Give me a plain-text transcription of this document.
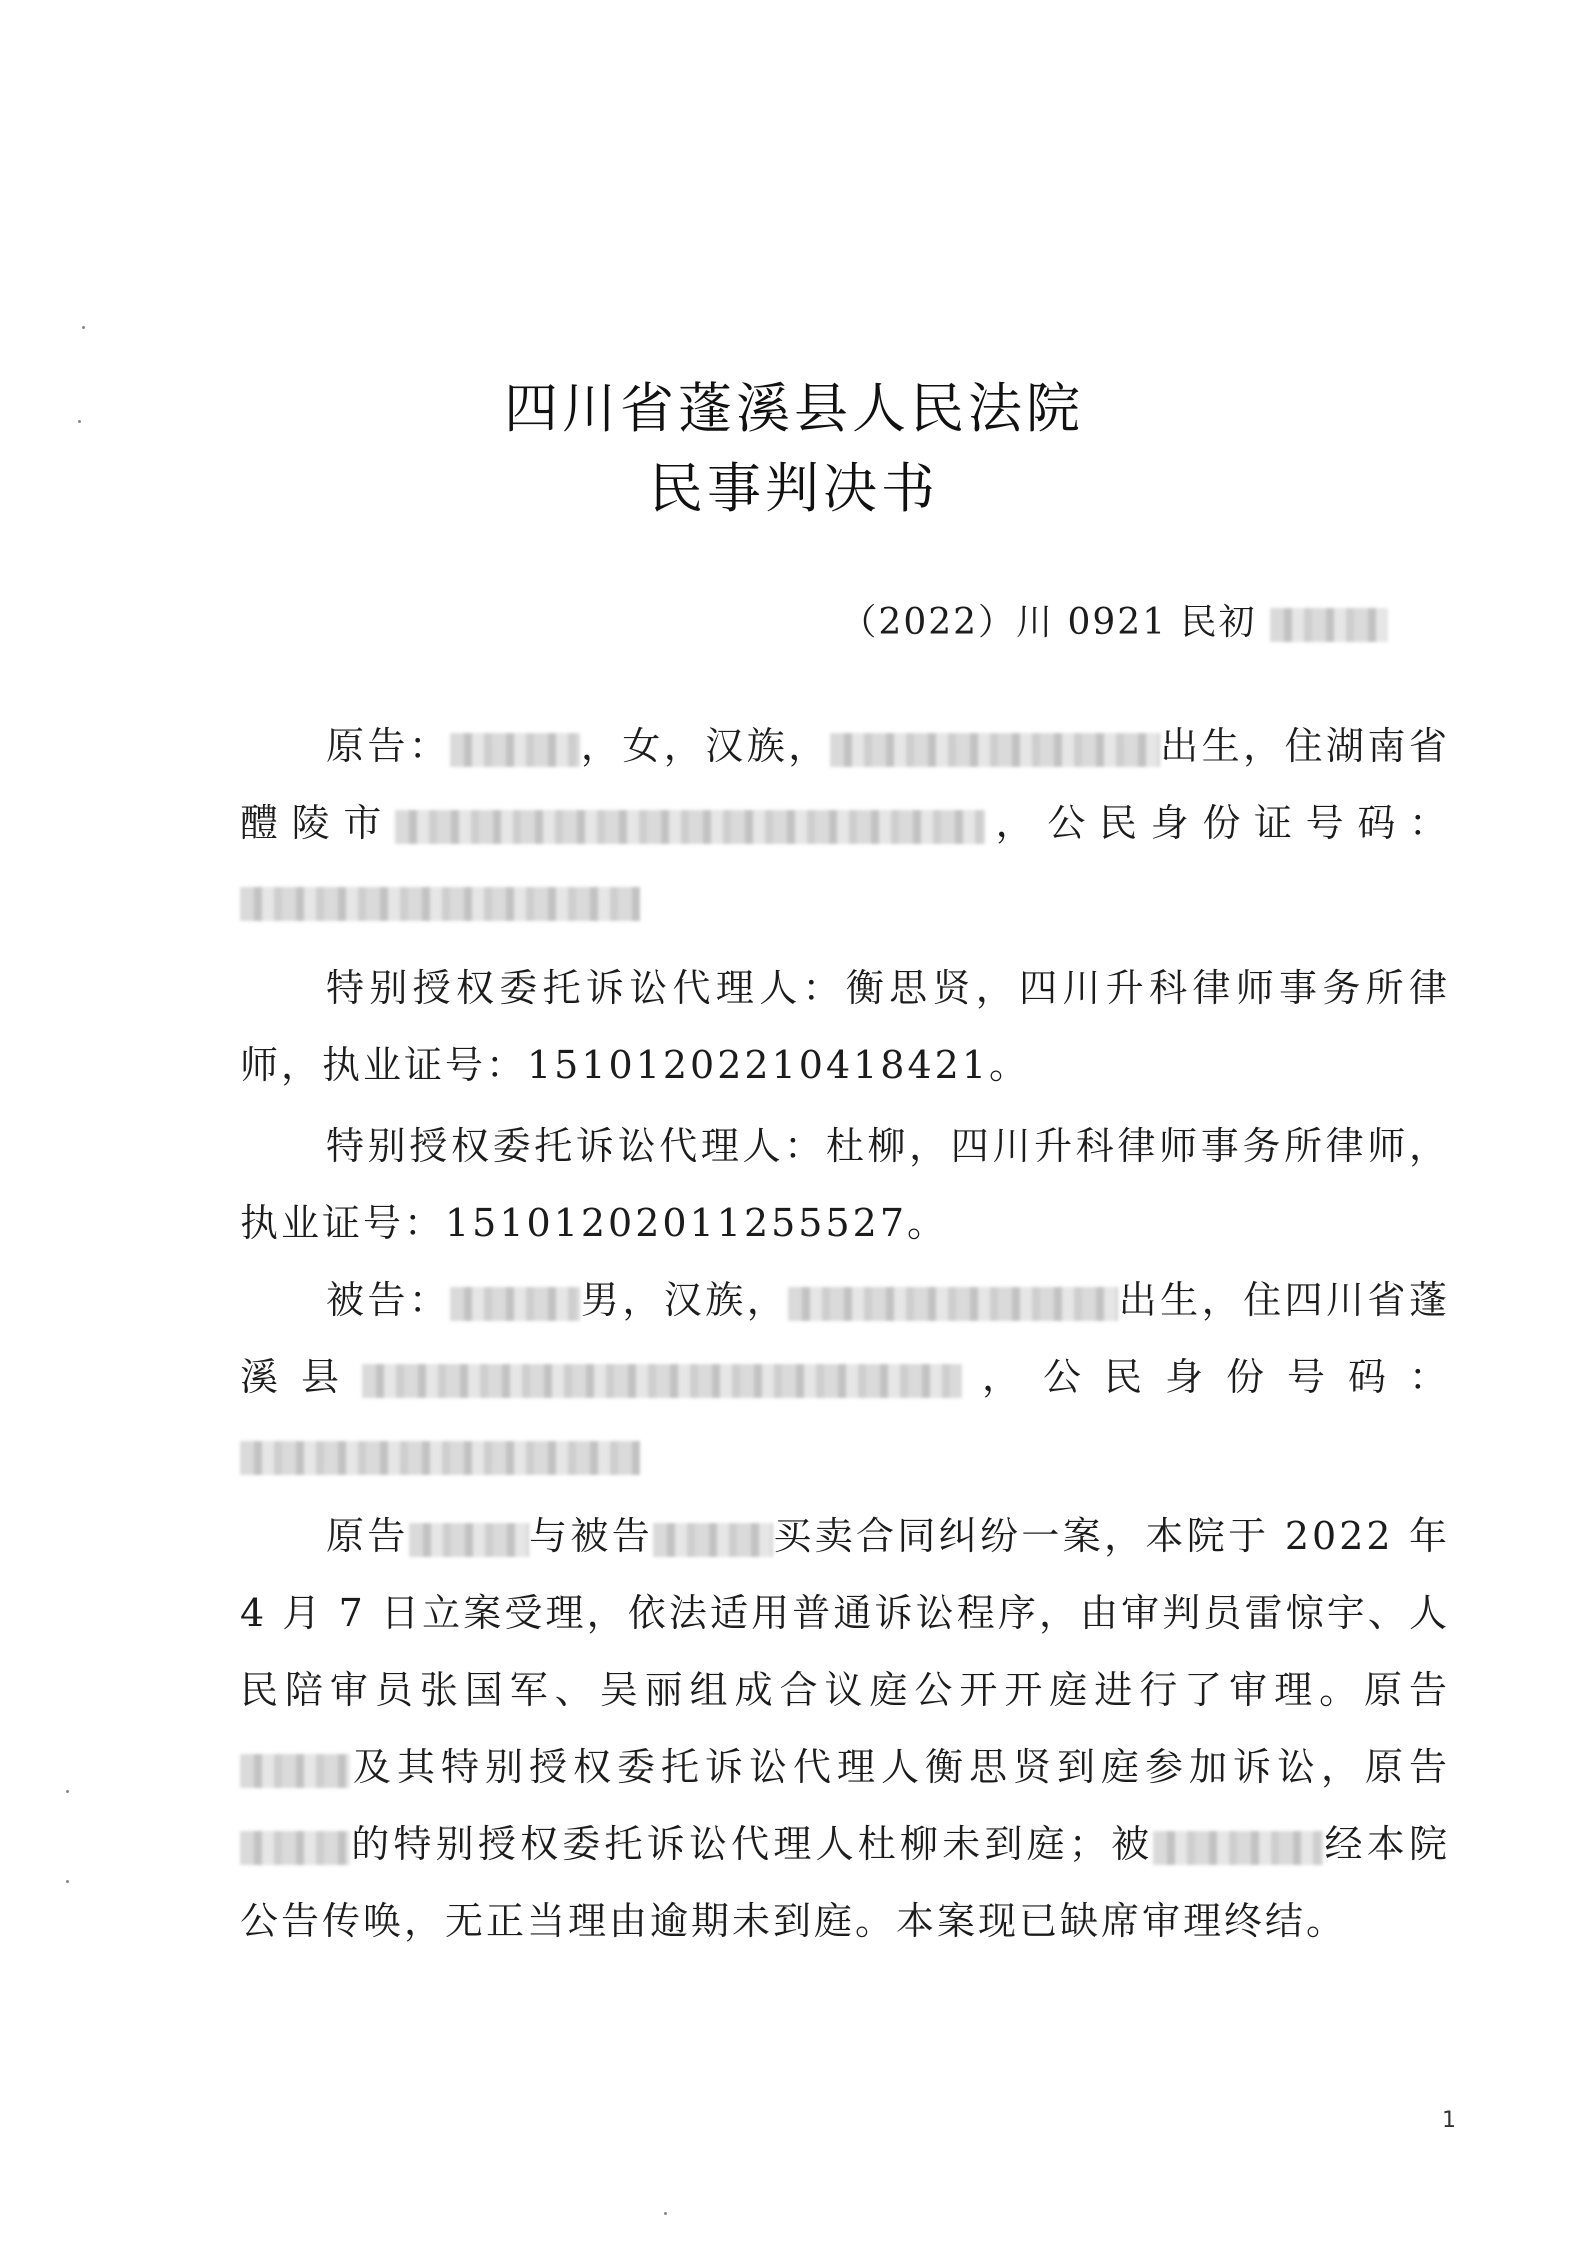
四川省蓬溪县人民法院
民事判决书
（2022）川 0921 民初
原告：	，女，汉族，	出生，住湖南省醴陵市	，公民身份证号码：
特别授权委托诉讼代理人：衡思贤，四川升科律师事务所律师，执业证号：15101202210418421。
特别授权委托诉讼代理人：杜柳，四川升科律师事务所律师，执业证号：15101202011255527。
被告：	男，汉族，	出生，住四川省蓬溪县	，公民身份号码：
原告	与被告	买卖合同纠纷一案，本院于 2022 年 4 月 7 日立案受理，依法适用普通诉讼程序，由审判员雷惊宇、人民陪审员张国军、吴丽组成合议庭公开开庭进行了审理。原告及其特别授权委托诉讼代理人衡思贤到庭参加诉讼，原告的特别授权委托诉讼代理人杜柳未到庭；被	经本院公告传唤，无正当理由逾期未到庭。本案现已缺席审理终结。
1
